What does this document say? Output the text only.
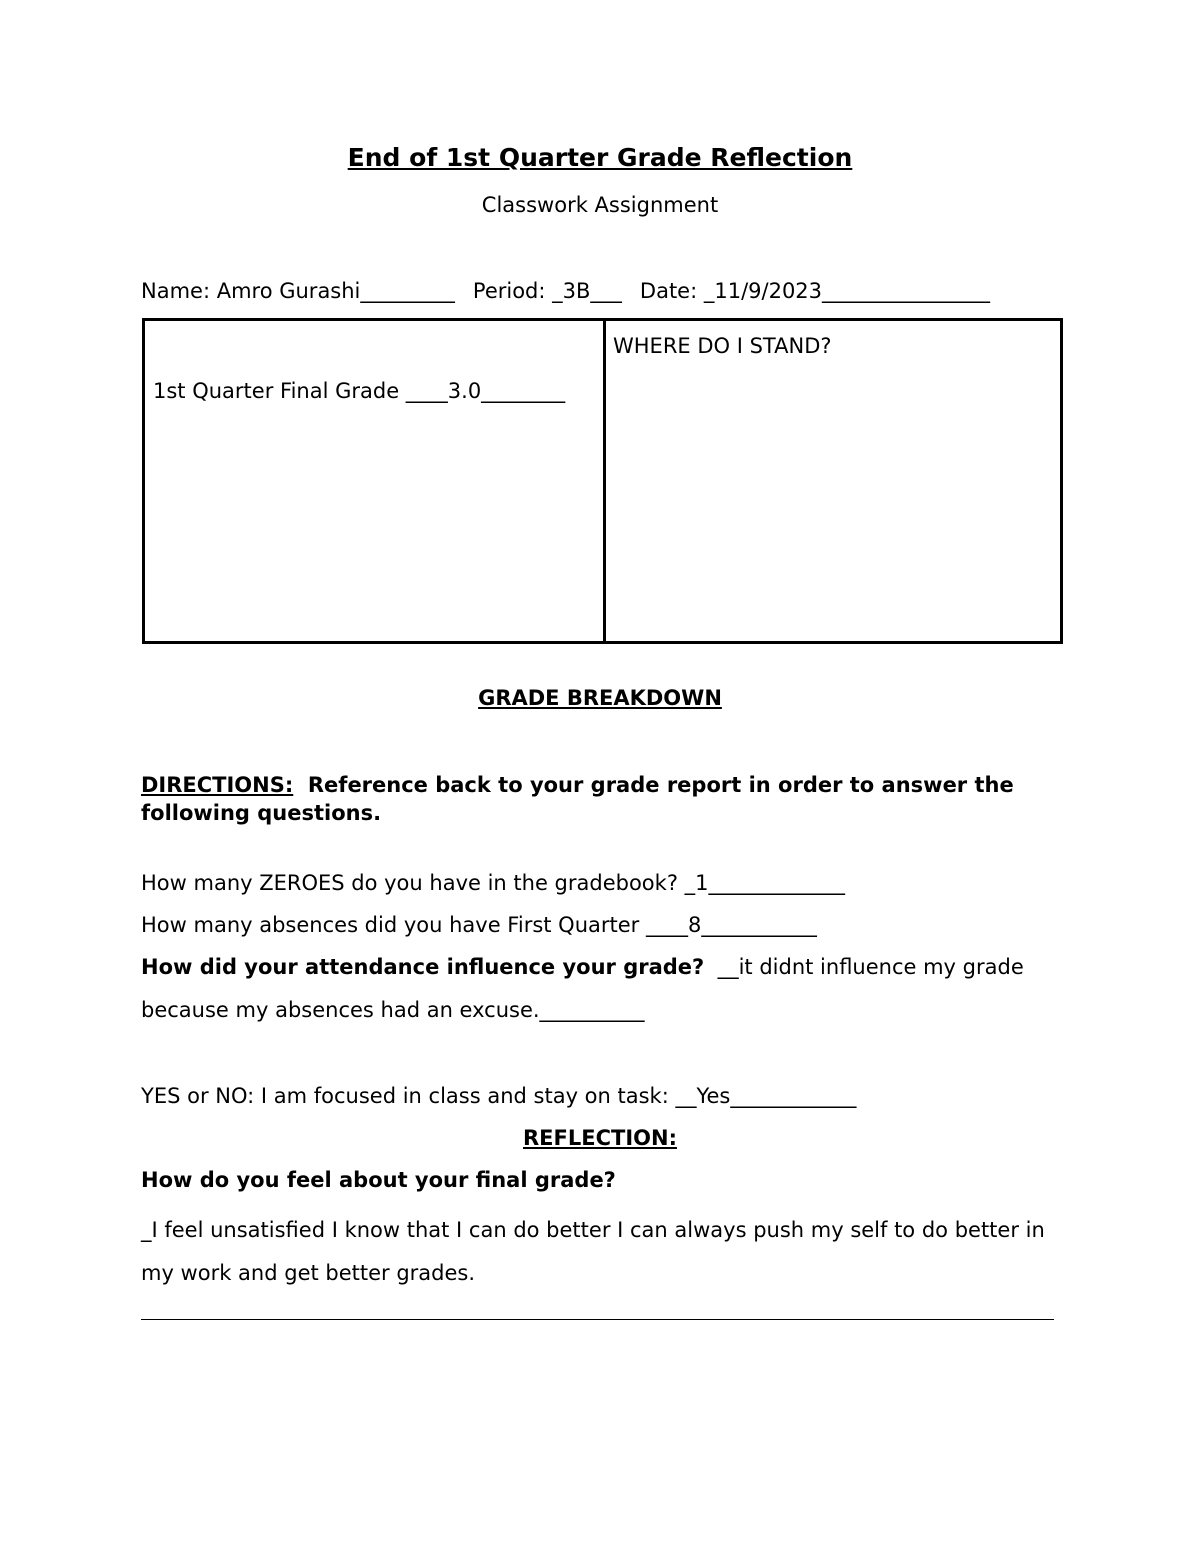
End of 1st Quarter Grade Reflection
Classwork Assignment
Name: Amro Gurashi_________ Period: _3B___ Date: _11/9/2023________________
1st Quarter Final Grade ____3.0________
WHERE DO I STAND?
GRADE BREAKDOWN
DIRECTIONS: Reference back to your grade report in order to answer the following questions.
How many ZEROES do you have in the gradebook? _1_____________
How many absences did you have First Quarter ____8___________
How did your attendance influence your grade? __it didnt influence my grade
because my absences had an excuse.__________
YES or NO: I am focused in class and stay on task: __Yes____________
REFLECTION:
How do you feel about your final grade?
_I feel unsatisfied I know that I can do better I can always push my self to do better in my work and get better grades.
